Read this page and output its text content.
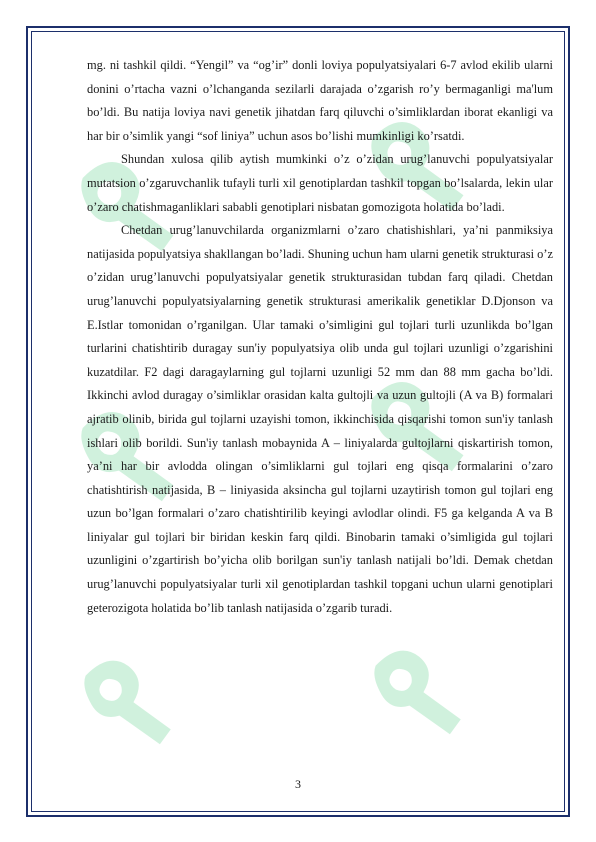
mg. ni tashkil qildi. “Yengil” va “og’ir” donli loviya populyatsiyalari 6-7 avlod ekilib ularni donini o’rtacha vazni o’lchanganda sezilarli darajada o’zgarish ro’y bermaganligi ma'lum bo’ldi. Bu natija loviya navi genetik jihatdan farq qiluvchi o’simliklardan iborat ekanligi va har bir o’simlik yangi “sof liniya” uchun asos bo’lishi mumkinligi ko’rsatdi.

Shundan xulosa qilib aytish mumkinki o’z o’zidan urug’lanuvchi populyatsiyalar mutatsion o’zgaruvchanlik tufayli turli xil genotiplardan tashkil topgan bo’lsalarda, lekin ular o’zaro chatishmaganliklari sababli genotiplari nisbatan gomozigota holatida bo’ladi.

Chetdan urug’lanuvchilarda organizmlarni o’zaro chatishishlari, ya’ni panmiksiya natijasida populyatsiya shakllangan bo’ladi. Shuning uchun ham ularni genetik strukturasi o’z o’zidan urug’lanuvchi populyatsiyalar genetik strukturasidan tubdan farq qiladi. Chetdan urug’lanuvchi populyatsiyalarning genetik strukturasi amerikalik genetiklar D.Djonson va E.Istlar tomonidan o’rganilgan. Ular tamaki o’simligini gul tojlari turli uzunlikda bo’lgan turlarini chatishtirib duragay sun'iy populyatsiya olib unda gul tojlari uzunligi o’zgarishini kuzatdilar. F2 dagi daragaylarning gul tojlarni uzunligi 52 mm dan 88 mm gacha bo’ldi. Ikkinchi avlod duragay o’simliklar orasidan kalta gultojli va uzun gultojli (A va B) formalari ajratib olinib, birida gul tojlarni uzayishi tomon, ikkinchisida qisqarishi tomon sun'iy tanlash ishlari olib borildi. Sun'iy tanlash mobaynida A – liniyalarda gultojlarni qiskartirish tomon, ya’ni har bir avlodda olingan o’simliklarni gul tojlari eng qisqa formalarini o’zaro chatishtirish natijasida, B – liniyasida aksincha gul tojlarni uzaytirish tomon gul tojlari eng uzun bo’lgan formalari o’zaro chatishtirilib keyingi avlodlar olindi. F5 ga kelganda A va B liniyalar gul tojlari bir biridan keskin farq qildi. Binobarin tamaki o’simligida gul tojlari uzunligini o’zgartirish bo’yicha olib borilgan sun'iy tanlash natijali bo’ldi. Demak chetdan urug’lanuvchi populyatsiyalar turli xil genotiplardan tashkil topgani uchun ularni genotiplari geterozigota holatida bo’lib tanlash natijasida o’zgarib turadi.

3
